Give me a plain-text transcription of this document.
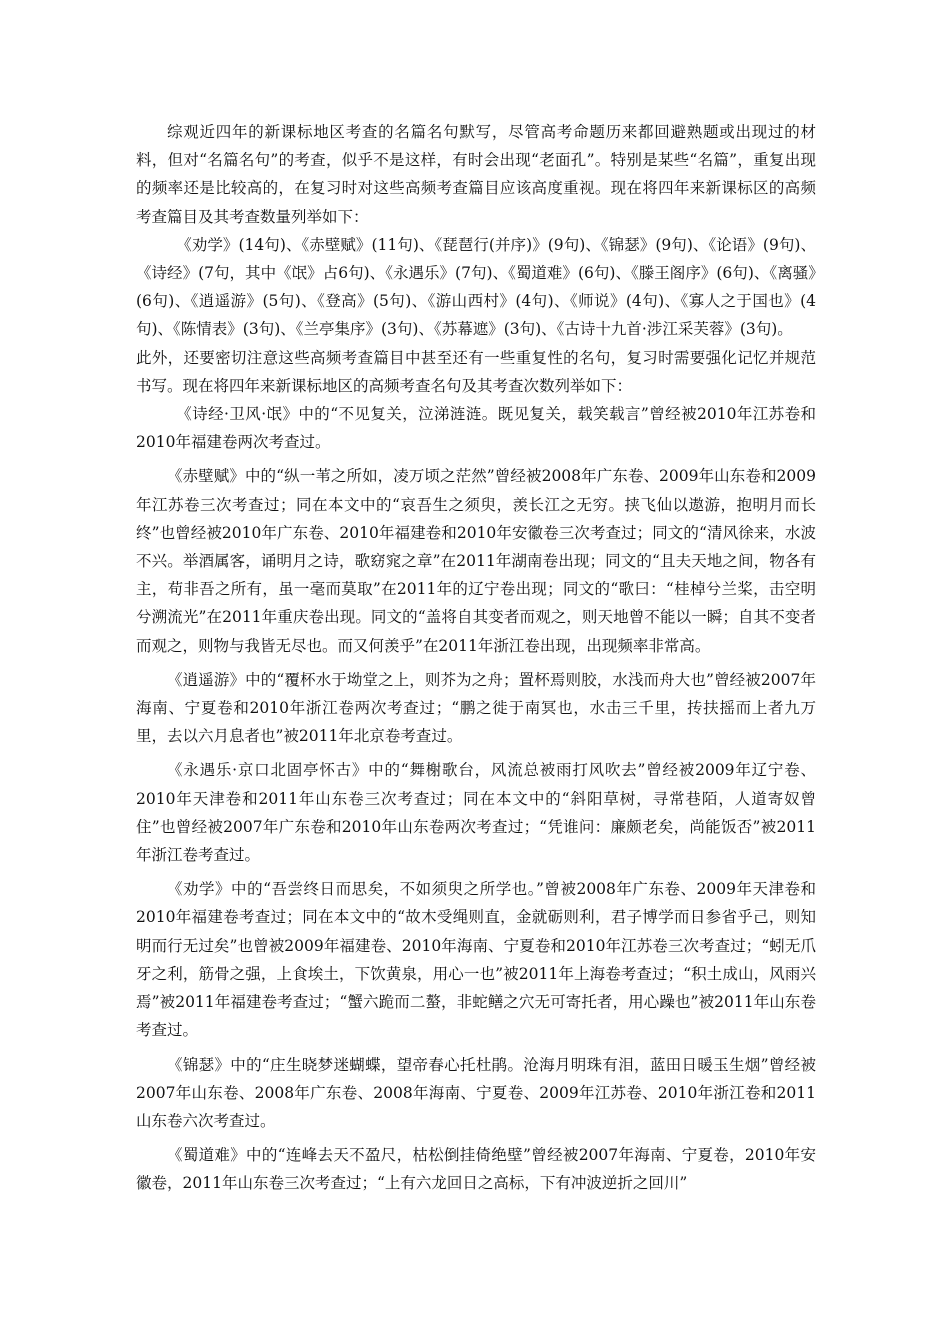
综观近四年的新课标地区考查的名篇名句默写，尽管高考命题历来都回避熟题或出现过的材料，但对“名篇名句”的考查，似乎不是这样，有时会出现“老面孔”。特别是某些“名篇”，重复出现的频率还是比较高的，在复习时对这些高频考查篇目应该高度重视。现在将四年来新课标区的高频考查篇目及其考查数量列举如下：

《劝学》(14句)、《赤壁赋》(11句)、《琵琶行(并序)》(9句)、《锦瑟》(9句)、《论语》(9句)、《诗经》(7句，其中《氓》占6句)、《永遇乐》(7句)、《蜀道难》(6句)、《滕王阁序》(6句)、《离骚》(6句)、《逍遥游》(5句)、《登高》(5句)、《游山西村》(4句)、《师说》(4句)、《寡人之于国也》(4句)、《陈情表》(3句)、《兰亭集序》(3句)、《苏幕遮》(3句)、《古诗十九首·涉江采芙蓉》(3句)。

此外，还要密切注意这些高频考查篇目中甚至还有一些重复性的名句，复习时需要强化记忆并规范书写。现在将四年来新课标地区的高频考查名句及其考查次数列举如下：

《诗经·卫风·氓》中的“不见复关，泣涕涟涟。既见复关，载笑载言”曾经被2010年江苏卷和2010年福建卷两次考查过。

《赤壁赋》中的“纵一苇之所如，凌万顷之茫然”曾经被2008年广东卷、2009年山东卷和2009年江苏卷三次考查过；同在本文中的“哀吾生之须臾，羡长江之无穷。挟飞仙以遨游，抱明月而长终”也曾经被2010年广东卷、2010年福建卷和2010年安徽卷三次考查过；同文的“清风徐来，水波不兴。举酒属客，诵明月之诗，歌窈窕之章”在2011年湖南卷出现；同文的“且夫天地之间，物各有主，苟非吾之所有，虽一毫而莫取”在2011年的辽宁卷出现；同文的“歌曰：“桂棹兮兰桨，击空明兮溯流光”在2011年重庆卷出现。同文的“盖将自其变者而观之，则天地曾不能以一瞬；自其不变者而观之，则物与我皆无尽也。而又何羡乎”在2011年浙江卷出现，出现频率非常高。

《逍遥游》中的“覆杯水于坳堂之上，则芥为之舟；置杯焉则胶，水浅而舟大也”曾经被2007年海南、宁夏卷和2010年浙江卷两次考查过；“鹏之徙于南冥也，水击三千里，抟扶摇而上者九万里，去以六月息者也”被2011年北京卷考查过。

《永遇乐·京口北固亭怀古》中的“舞榭歌台，风流总被雨打风吹去”曾经被2009年辽宁卷、2010年天津卷和2011年山东卷三次考查过；同在本文中的“斜阳草树，寻常巷陌，人道寄奴曾住”也曾经被2007年广东卷和2010年山东卷两次考查过；“凭谁问：廉颇老矣，尚能饭否”被2011年浙江卷考查过。

《劝学》中的“吾尝终日而思矣，不如须臾之所学也。”曾被2008年广东卷、2009年天津卷和2010年福建卷考查过；同在本文中的“故木受绳则直，金就砺则利，君子博学而日参省乎己，则知明而行无过矣”也曾被2009年福建卷、2010年海南、宁夏卷和2010年江苏卷三次考查过；“蚓无爪牙之利，筋骨之强，上食埃土，下饮黄泉，用心一也”被2011年上海卷考查过；“积土成山，风雨兴焉”被2011年福建卷考查过；“蟹六跪而二螯，非蛇鳝之穴无可寄托者，用心躁也”被2011年山东卷考查过。

《锦瑟》中的“庄生晓梦迷蝴蝶，望帝春心托杜鹃。沧海月明珠有泪，蓝田日暖玉生烟”曾经被2007年山东卷、2008年广东卷、2008年海南、宁夏卷、2009年江苏卷、2010年浙江卷和2011山东卷六次考查过。

《蜀道难》中的“连峰去天不盈尺，枯松倒挂倚绝壁”曾经被2007年海南、宁夏卷，2010年安徽卷，2011年山东卷三次考查过；“上有六龙回日之高标，下有冲波逆折之回川”
